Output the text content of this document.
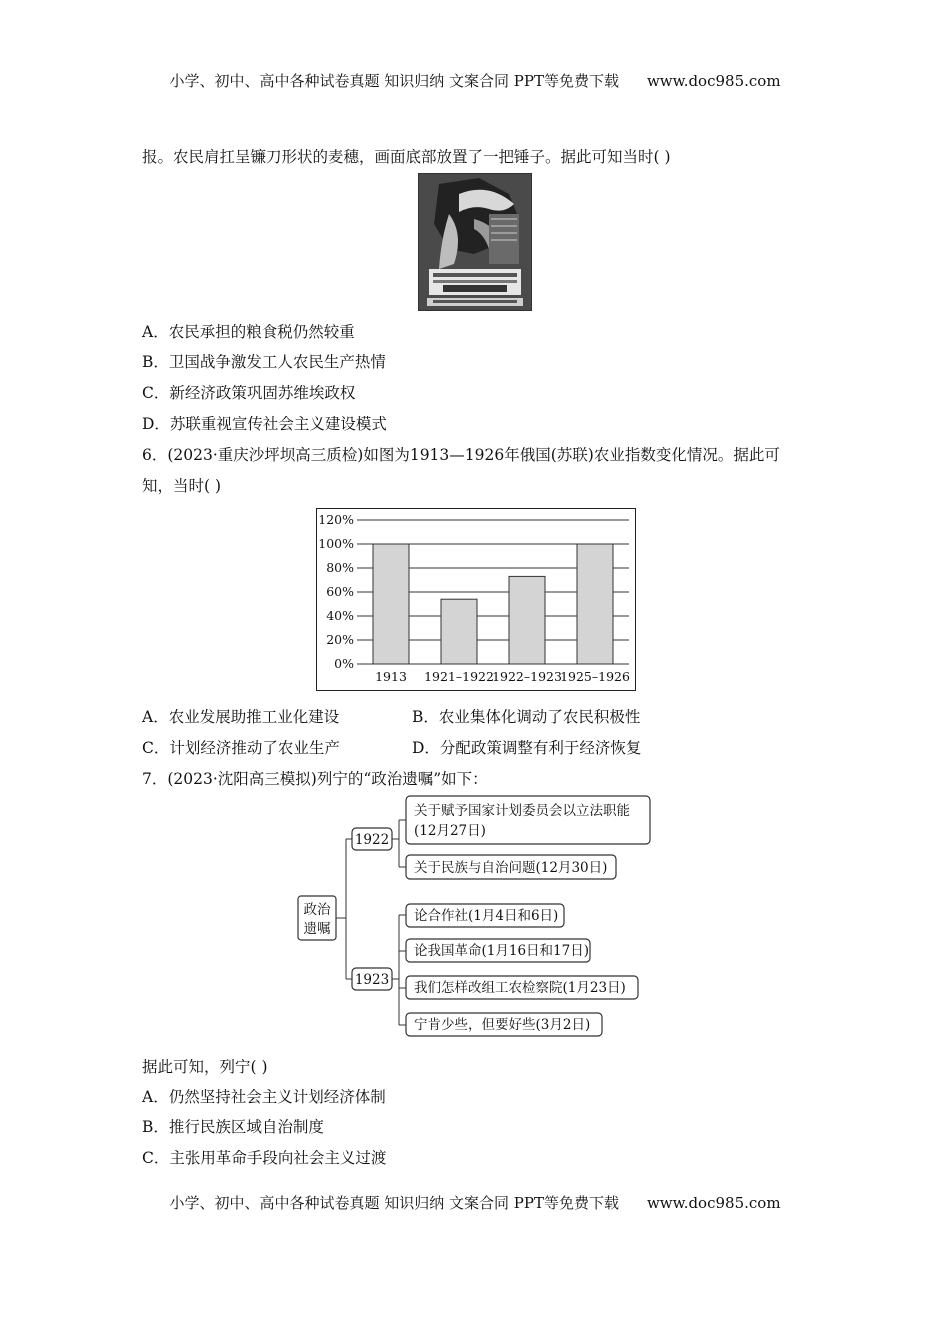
小学、初中、高中各种试卷真题 知识归纳 文案合同 PPT等免费下载 www.doc985.com
报。农民肩扛呈镰刀形状的麦穗，画面底部放置了一把锤子。据此可知当时( )
A．农民承担的粮食税仍然较重
B．卫国战争激发工人农民生产热情
C．新经济政策巩固苏维埃政权
D．苏联重视宣传社会主义建设模式
6．(2023·重庆沙坪坝高三质检)如图为1913—1926年俄国(苏联)农业指数变化情况。据此可
知，当时( )
0%
20%
40%
60%
80%
100%
120%
1913 1921–1922
1922–1923
1925–1926
A．农业发展助推工业化建设	B．农业集体化调动了农民积极性
C．计划经济推动了农业生产	D．分配政策调整有利于经济恢复
7．(2023·沈阳高三模拟)列宁的“政治遗嘱”如下：
政治
遗嘱
1922
1923
关于赋予国家计划委员会以立法职能
(12月27日)
关于民族与自治问题(12月30日)
论合作社(1月4日和6日)
论我国革命(1月16日和17日)
我们怎样改组工农检察院(1月23日)
宁肯少些，但要好些(3月2日)
据此可知，列宁( )
A．仍然坚持社会主义计划经济体制
B．推行民族区域自治制度
C．主张用革命手段向社会主义过渡
小学、初中、高中各种试卷真题 知识归纳 文案合同 PPT等免费下载 www.doc985.com
